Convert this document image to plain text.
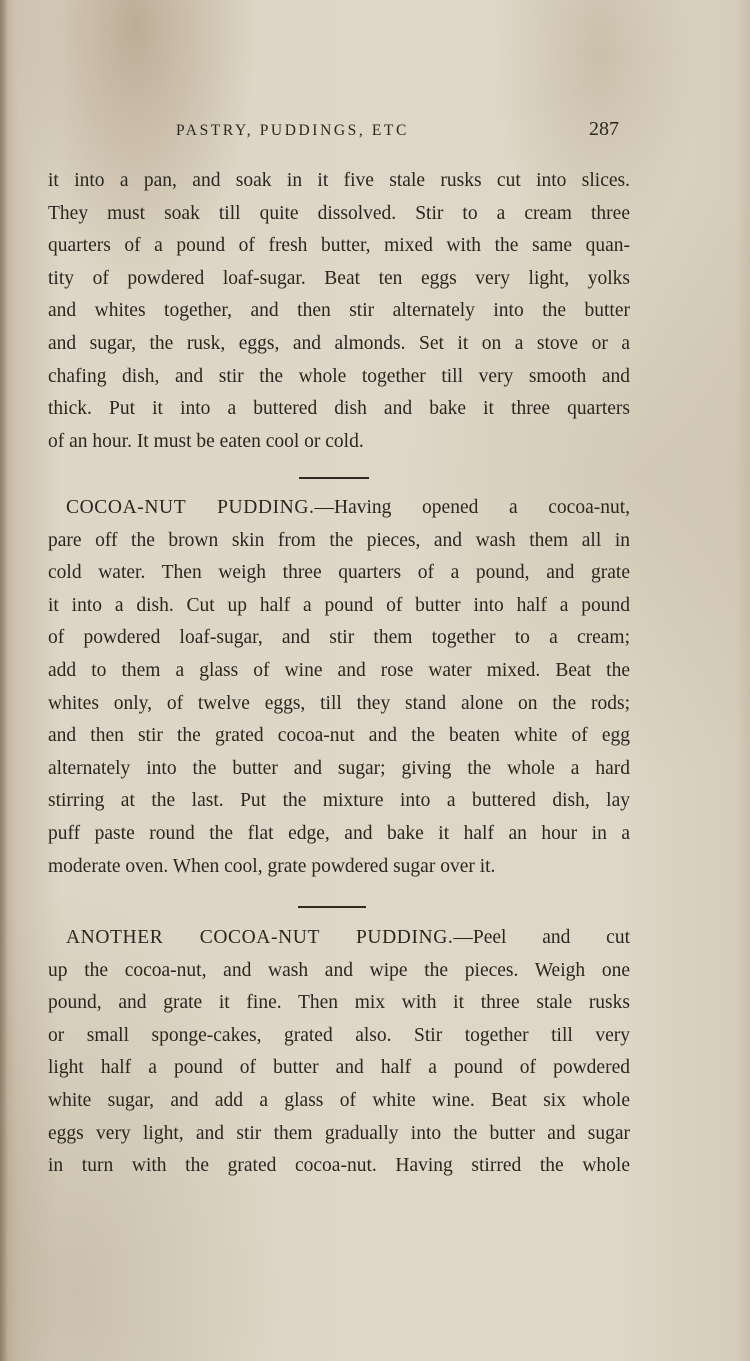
PASTRY, PUDDINGS, ETC	287
it into a pan, and soak in it five stale rusks cut into slices.
They must soak till quite dissolved. Stir to a cream three
quarters of a pound of fresh butter, mixed with the same quan-
tity of powdered loaf-sugar. Beat ten eggs very light, yolks
and whites together, and then stir alternately into the butter
and sugar, the rusk, eggs, and almonds. Set it on a stove or a
chafing dish, and stir the whole together till very smooth and
thick. Put it into a buttered dish and bake it three quarters
of an hour. It must be eaten cool or cold.
COCOA-NUT PUDDING.—Having opened a cocoa-nut,
pare off the brown skin from the pieces, and wash them all in
cold water. Then weigh three quarters of a pound, and grate
it into a dish. Cut up half a pound of butter into half a pound
of powdered loaf-sugar, and stir them together to a cream;
add to them a glass of wine and rose water mixed. Beat the
whites only, of twelve eggs, till they stand alone on the rods;
and then stir the grated cocoa-nut and the beaten white of egg
alternately into the butter and sugar; giving the whole a hard
stirring at the last. Put the mixture into a buttered dish, lay
puff paste round the flat edge, and bake it half an hour in a
moderate oven. When cool, grate powdered sugar over it.
ANOTHER COCOA-NUT PUDDING.—Peel and cut
up the cocoa-nut, and wash and wipe the pieces. Weigh one
pound, and grate it fine. Then mix with it three stale rusks
or small sponge-cakes, grated also. Stir together till very
light half a pound of butter and half a pound of powdered
white sugar, and add a glass of white wine. Beat six whole
eggs very light, and stir them gradually into the butter and sugar
in turn with the grated cocoa-nut. Having stirred the whole
